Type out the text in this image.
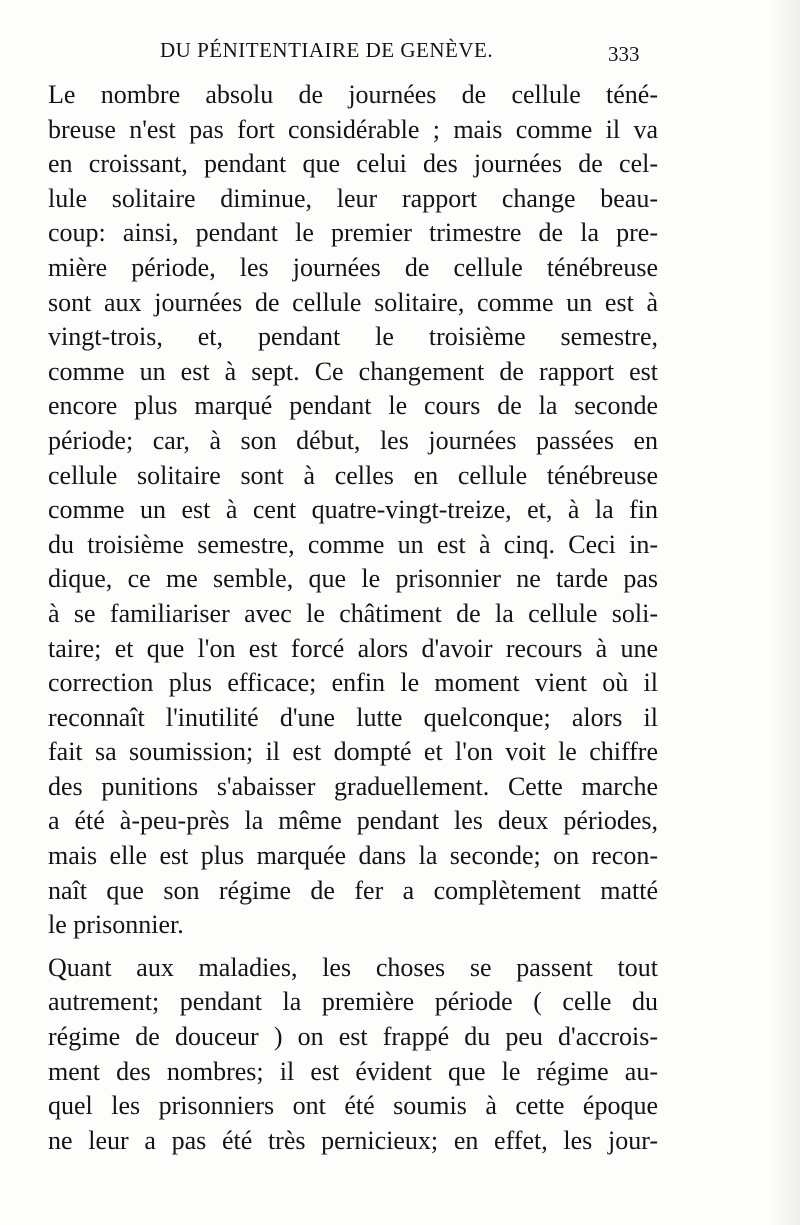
DU PÉNITENTIAIRE DE GENÈVE.	333
Le nombre absolu de journées de cellule téné-
breuse n'est pas fort considérable ; mais comme il va
en croissant, pendant que celui des journées de cel-
lule solitaire diminue, leur rapport change beau-
coup: ainsi, pendant le premier trimestre de la pre-
mière période, les journées de cellule ténébreuse
sont aux journées de cellule solitaire, comme un est à
vingt-trois, et, pendant le troisième semestre,
comme un est à sept. Ce changement de rapport est
encore plus marqué pendant le cours de la seconde
période; car, à son début, les journées passées en
cellule solitaire sont à celles en cellule ténébreuse
comme un est à cent quatre-vingt-treize, et, à la fin
du troisième semestre, comme un est à cinq. Ceci in-
dique, ce me semble, que le prisonnier ne tarde pas
à se familiariser avec le châtiment de la cellule soli-
taire; et que l'on est forcé alors d'avoir recours à une
correction plus efficace; enfin le moment vient où il
reconnaît l'inutilité d'une lutte quelconque; alors il
fait sa soumission; il est dompté et l'on voit le chiffre
des punitions s'abaisser graduellement. Cette marche
a été à-peu-près la même pendant les deux périodes,
mais elle est plus marquée dans la seconde; on recon-
naît que son régime de fer a complètement matté
le prisonnier.
Quant aux maladies, les choses se passent tout
autrement; pendant la première période ( celle du
régime de douceur ) on est frappé du peu d'accrois-
ment des nombres; il est évident que le régime au-
quel les prisonniers ont été soumis à cette époque
ne leur a pas été très pernicieux; en effet, les jour-
